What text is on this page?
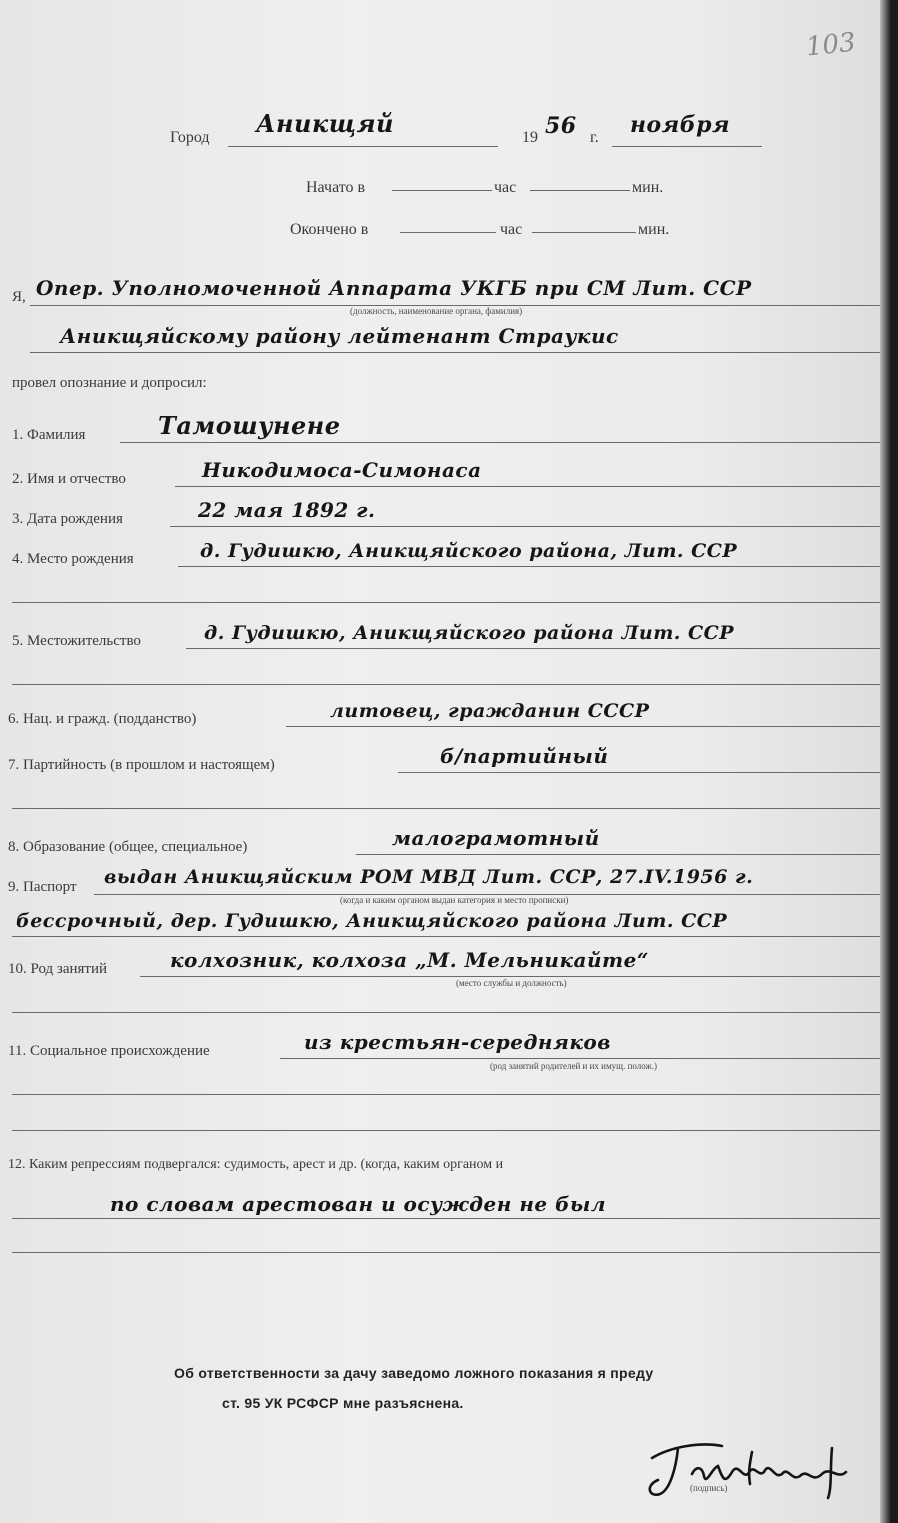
103
Город Аникщяй	19 56 г. ноября
Начато в	час	мин.
Окончено в	час	мин.
Я, Опер. Уполномоченной Аппарата УКГБ при СМ Лит. ССР
(должность, наименование органа, фамилия)
Аникщяйскому району лейтенант Страукис
провел опознание и допросил:
1. Фамилия	Тамошунене
2. Имя и отчество	Никодимоса-Симонаса
3. Дата рождения	22 мая 1892 г.
4. Место рождения	д. Гудишкю, Аникщяйского района, Лит. ССР
5. Местожительство	д. Гудишкю, Аникщяйского района Лит. ССР
6. Нац. и гражд. (подданство)	литовец, гражданин СССР
7. Партийность (в прошлом и настоящем)	б/партийный
8. Образование (общее, специальное)	малограмотный
9. Паспорт выдан Аникщяйским РОМ МВД Лит. ССР, 27.IV.1956 г.
(когда и каким органом выдан категория и место прописки)
бессрочный, дер. Гудишкю, Аникщяйского района Лит. ССР
10. Род занятий	колхозник, колхоза „М. Мельникайте“
(место службы и должность)
11. Социальное происхождение	из крестьян-середняков
(род занятий родителей и их имущ. полож.)
12. Каким репрессиям подвергался: судимость, арест и др. (когда, каким органом и
по словам арестован и осужден не был
Об ответственности за дачу заведомо ложного показания я преду
ст. 95 УК РСФСР мне разъяснена.
(подпись)
